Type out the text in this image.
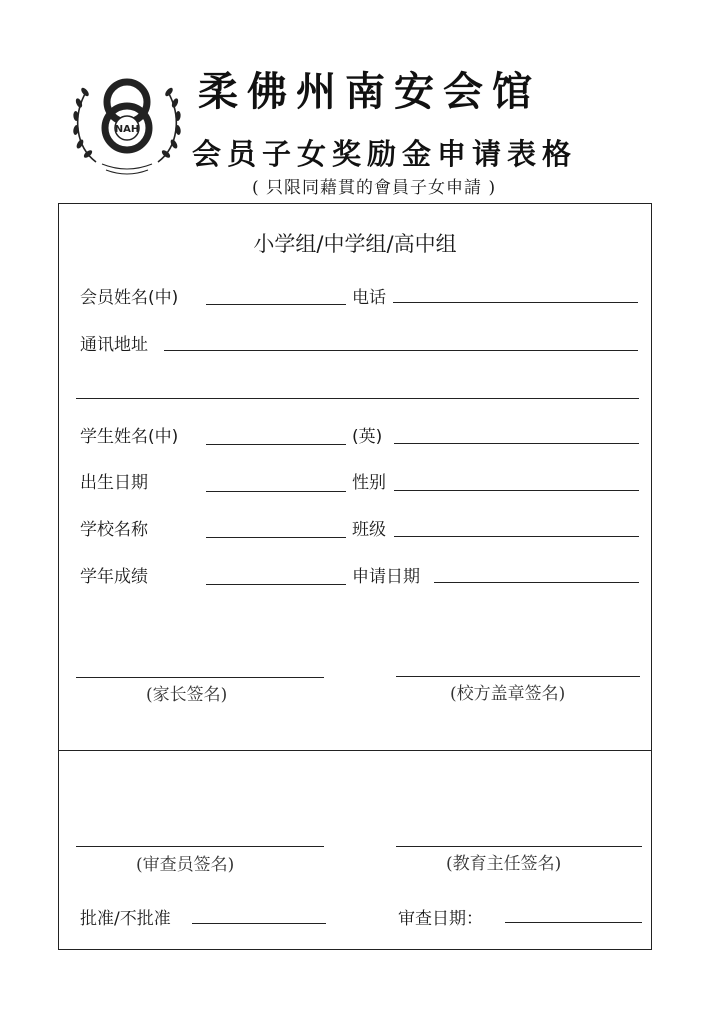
NAH
柔佛州南安会馆
会员子女奖励金申请表格
( 只限同藉貫的會員子女申請 )
小学组/中学组/高中组
会员姓名(中)	电话
通讯地址
学生姓名(中)	(英)
出生日期	性别
学校名称	班级
学年成绩	申请日期
(家长签名)	(校方盖章签名)
(审查员签名)	(教育主任签名)
批准/不批准	审查日期：
